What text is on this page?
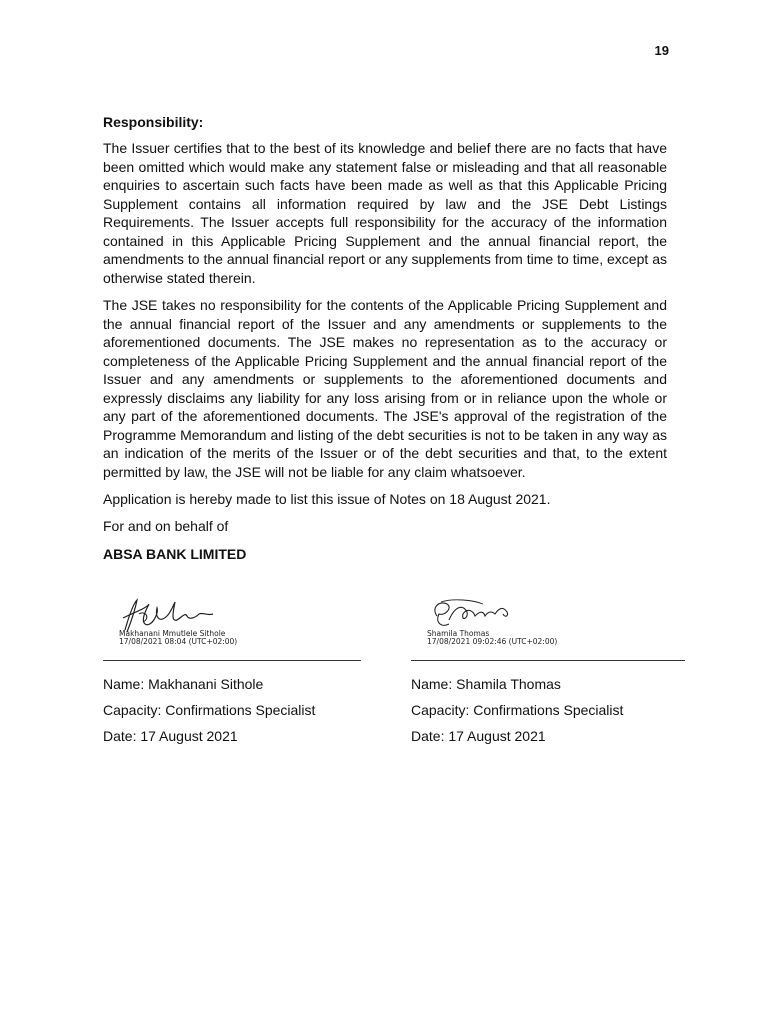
19
Responsibility:

The Issuer certifies that to the best of its knowledge and belief there are no facts that have been omitted which would make any statement false or misleading and that all reasonable enquiries to ascertain such facts have been made as well as that this Applicable Pricing Supplement contains all information required by law and the JSE Debt Listings Requirements. The Issuer accepts full responsibility for the accuracy of the information contained in this Applicable Pricing Supplement and the annual financial report, the amendments to the annual financial report or any supplements from time to time, except as otherwise stated therein.

The JSE takes no responsibility for the contents of the Applicable Pricing Supplement and the annual financial report of the Issuer and any amendments or supplements to the aforementioned documents. The JSE makes no representation as to the accuracy or completeness of the Applicable Pricing Supplement and the annual financial report of the Issuer and any amendments or supplements to the aforementioned documents and expressly disclaims any liability for any loss arising from or in reliance upon the whole or any part of the aforementioned documents. The JSE's approval of the registration of the Programme Memorandum and listing of the debt securities is not to be taken in any way as an indication of the merits of the Issuer or of the debt securities and that, to the extent permitted by law, the JSE will not be liable for any claim whatsoever.

Application is hereby made to list this issue of Notes on 18 August 2021.

For and on behalf of

ABSA BANK LIMITED
Makhanani Mmutlele Sithole
17/08/2021 08:04 (UTC+02:00)
Name: Makhanani Sithole
Capacity: Confirmations Specialist
Date: 17 August 2021
Shamila Thomas
17/08/2021 09:02:46 (UTC+02:00)
Name: Shamila Thomas
Capacity: Confirmations Specialist
Date: 17 August 2021
